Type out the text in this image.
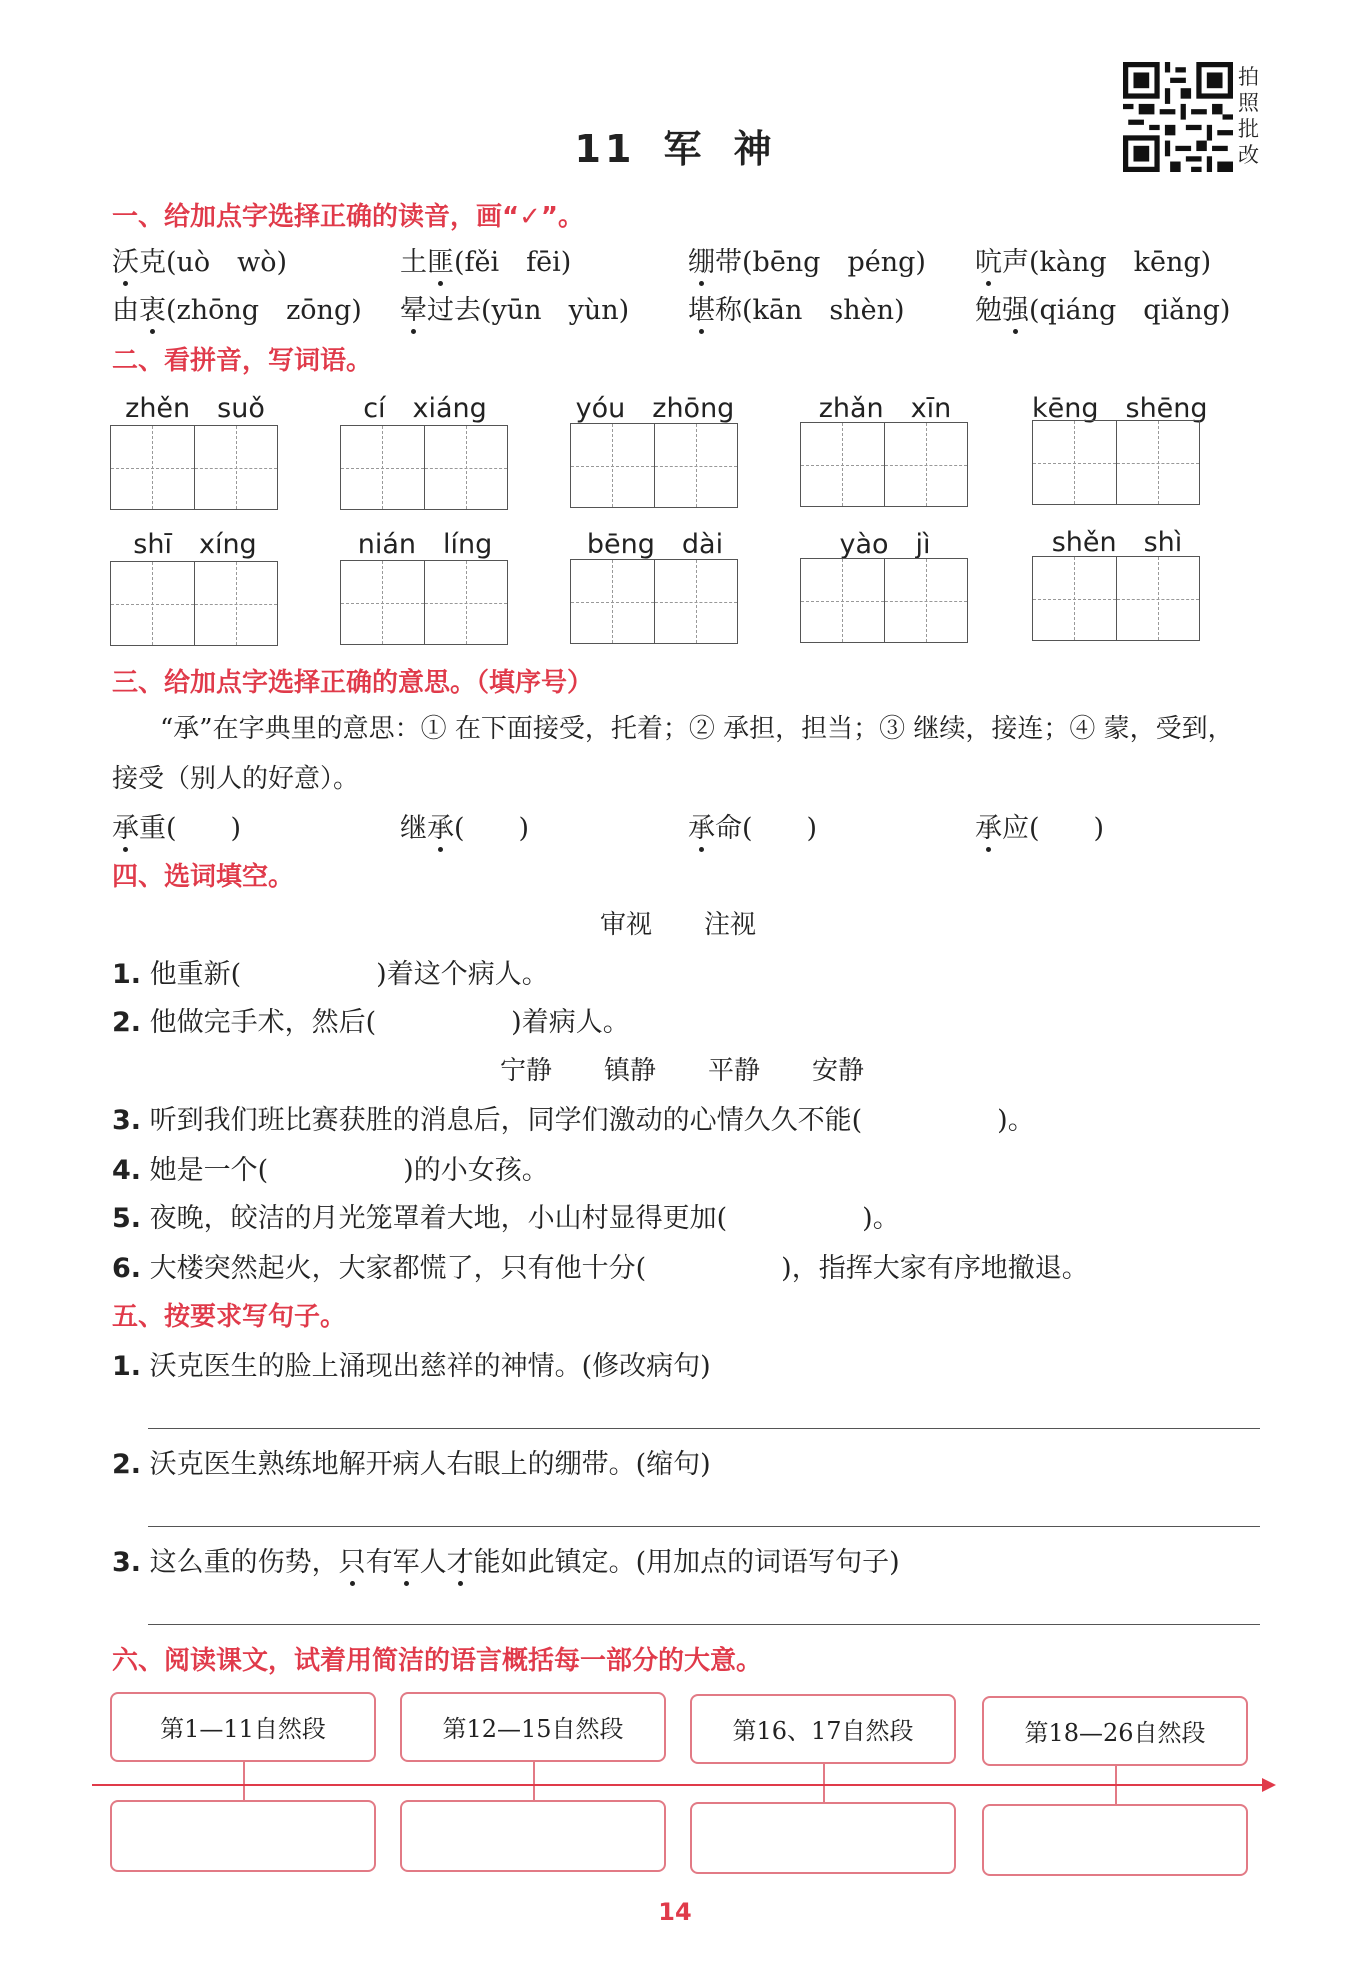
11 军 神
拍照批改
一、给加点字选择正确的读音，画“✓”。
沃克(uò　wò)	土匪(fěi　fēi)	绷带(bēng　péng) 吭声(kàng　kēng)
由衷(zhōng　zōng) 晕过去(yūn　yùn) 堪称(kān　shèn)	勉强(qiáng　qiǎng)
二、看拼音，写词语。
zhěn　suǒ	cí　xiáng	yóu　zhōng	zhǎn　xīn	kēng　shēng
shī　xíng	nián　líng	bēng　dài	yào　jì	shěn　shì
三、给加点字选择正确的意思。（填序号）
“承”在字典里的意思：① 在下面接受，托着；② 承担，担当；③ 继续，接连；④ 蒙，受到，
接受（别人的好意）。
承重(　　)	继承(　　)	承命(　　)	承应(　　)
四、选词填空。
审视　　注视
1. 他重新(　　　　　)着这个病人。
2. 他做完手术，然后(　　　　　)着病人。
宁静　　镇静　　平静　　安静
3. 听到我们班比赛获胜的消息后，同学们激动的心情久久不能(　　　　　)。
4. 她是一个(　　　　　)的小女孩。
5. 夜晚，皎洁的月光笼罩着大地，小山村显得更加(　　　　　)。
6. 大楼突然起火，大家都慌了，只有他十分(　　　　　)，指挥大家有序地撤退。
五、按要求写句子。
1. 沃克医生的脸上涌现出慈祥的神情。(修改病句)
2. 沃克医生熟练地解开病人右眼上的绷带。(缩句)
3. 这么重的伤势，只有军人才能如此镇定。(用加点的词语写句子)
六、阅读课文，试着用简洁的语言概括每一部分的大意。
第1—11自然段	第12—15自然段	第16、17自然段	第18—26自然段
14
